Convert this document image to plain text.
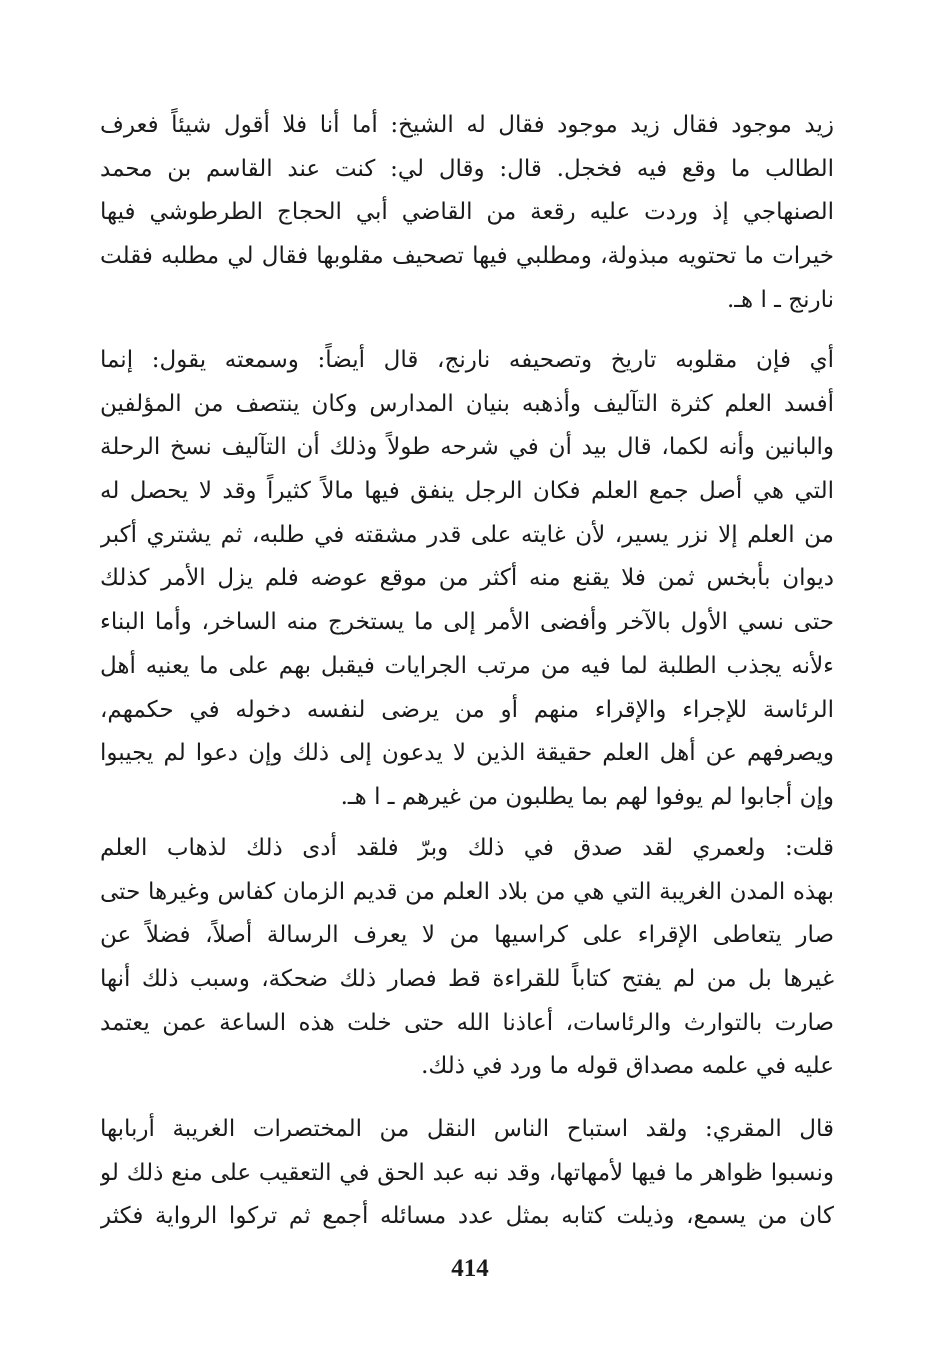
زيد موجود فقال زيد موجود فقال له الشيخ: أما أنا فلا أقول شيئاً فعرف
الطالب ما وقع فيه فخجل. قال: وقال لي: كنت عند القاسم بن محمد
الصنهاجي إذ وردت عليه رقعة من القاضي أبي الحجاج الطرطوشي فيها
خيرات ما تحتويه مبذولة، ومطلبي فيها تصحيف مقلوبها فقال لي مطلبه فقلت
نارنج ـ ا هـ.
أي فإن مقلوبه تاريخ وتصحيفه نارنج، قال أيضاً: وسمعته يقول: إنما
أفسد العلم كثرة التآليف وأذهبه بنيان المدارس وكان ينتصف من المؤلفين
والبانين وأنه لكما، قال بيد أن في شرحه طولاً وذلك أن التآليف نسخ الرحلة
التي هي أصل جمع العلم فكان الرجل ينفق فيها مالاً كثيراً وقد لا يحصل له
من العلم إلا نزر يسير، لأن غايته على قدر مشقته في طلبه، ثم يشتري أكبر
ديوان بأبخس ثمن فلا يقنع منه أكثر من موقع عوضه فلم يزل الأمر كذلك
حتى نسي الأول بالآخر وأفضى الأمر إلى ما يستخرج منه الساخر، وأما البناء
ءلأنه يجذب الطلبة لما فيه من مرتب الجرايات فيقبل بهم على ما يعنيه أهل
الرئاسة للإجراء والإقراء منهم أو من يرضى لنفسه دخوله في حكمهم،
ويصرفهم عن أهل العلم حقيقة الذين لا يدعون إلى ذلك وإن دعوا لم يجيبوا
وإن أجابوا لم يوفوا لهم بما يطلبون من غيرهم ـ ا هـ.
قلت: ولعمري لقد صدق في ذلك وبرّ فلقد أدى ذلك لذهاب العلم
بهذه المدن الغريبة التي هي من بلاد العلم من قديم الزمان كفاس وغيرها حتى
صار يتعاطى الإقراء على كراسيها من لا يعرف الرسالة أصلاً، فضلاً عن
غيرها بل من لم يفتح كتاباً للقراءة قط فصار ذلك ضحكة، وسبب ذلك أنها
صارت بالتوارث والرئاسات، أعاذنا الله حتى خلت هذه الساعة عمن يعتمد
عليه في علمه مصداق قوله ما ورد في ذلك.
قال المقري: ولقد استباح الناس النقل من المختصرات الغريبة أربابها
ونسبوا ظواهر ما فيها لأمهاتها، وقد نبه عبد الحق في التعقيب على منع ذلك لو
كان من يسمع، وذيلت كتابه بمثل عدد مسائله أجمع ثم تركوا الرواية فكثر
414
